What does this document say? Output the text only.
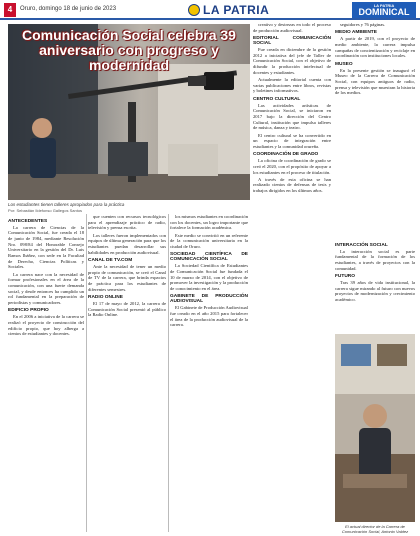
4	Oruro, domingo 18 de junio de 2023	LA PATRIA	LA PATRIA
DOMINICAL
Comunicación Social celebra 39 aniversario con progreso y modernidad
Los estudiantes tienen talleres apropiados para la práctica
Por: Sebastián Ildefonso Gallegos Santos
ANTECEDENTES

La carrera de Ciencias de la Comunicación Social, fue creada el 18 de junio de 1984, mediante Resolución Nro. 098/84 del Honorable Consejo Universitario en la gestión del Dr. Luis Ramos Ibáñez, con sede en la Facultad de Derecho, Ciencias Políticas y Sociales.

La carrera nace con la necesidad de formar profesionales en el área de la comunicación, con una fuerte demanda social, y desde entonces ha cumplido un rol fundamental en la preparación de periodistas y comunicadores.

EDIFICIO PROPIO

En el 2006 a iniciativa de la carrera se realizó el proyecto de construcción del edificio propio, que hoy alberga a cientos de estudiantes y docentes.

que cuenten con recursos tecnológicos para el aprendizaje práctico de radio, televisión y prensa escrita.

Los talleres fueron implementados con equipos de última generación para que los estudiantes puedan desarrollar sus habilidades en producción audiovisual.

CANAL DE TV.COM

Ante la necesidad de tener un medio propio de comunicación, se creó el Canal de TV de la carrera, que brinda espacios de práctica para los estudiantes de diferentes semestres.

RADIO ONLINE

El 17 de mayo de 2012, la carrera de Comunicación Social presentó al público la Radio Online.

los mismos estudiantes en coordinación con los docentes, un logro importante que fortalece la formación académica.

Este medio se convirtió en un referente de la comunicación universitaria en la ciudad de Oruro.

SOCIEDAD CIENTÍFICA DE COMUNICACIÓN SOCIAL

La Sociedad Científica de Estudiantes de Comunicación Social fue fundada el 10 de marzo de 2014, con el objetivo de promover la investigación y la producción de conocimiento en el área.

GABINETE DE PRODUCCIÓN AUDIOVISUAL

El Gabinete de Producción Audiovisual fue creado en el año 2015 para fortalecer el área de la producción audiovisual de la carrera.

creativo y destrezas en todo el proceso de producción audiovisual.

EDITORIAL COMUNICACIÓN SOCIAL

Fue creada en diciembre de la gestión 2012 a iniciativa del jefe de Taller de Comunicación Social, con el objetivo de difundir la producción intelectual de docentes y estudiantes.

Actualmente la editorial cuenta con varias publicaciones entre libros, revistas y boletines informativos.

CENTRO CULTURAL

Las actividades artísticas de Comunicación Social, se iniciaron en 2017 bajo la dirección del Centro Cultural, institución que impulsa talleres de música, danza y teatro.

El centro cultural se ha convertido en un espacio de integración entre estudiantes y la comunidad orureña.

COORDINACIÓN DE GRADO

La oficina de coordinación de grado se creó el 2020, con el propósito de apoyar a los estudiantes en el proceso de titulación.

A través de esta oficina se han realizado cientos de defensas de tesis y trabajos dirigidos en los últimos años.

seguidores y 76 páginas.

MEDIO AMBIENTE

A partir de 2019, con el proyecto de medio ambiente, la carrera impulsa campañas de concientización y reciclaje en coordinación con instituciones locales.

MUSEO

En la presente gestión se inauguró el Museo de la Carrera de Comunicación Social, con equipos antiguos de radio, prensa y televisión que muestran la historia de los medios.

INTERACCIÓN SOCIAL

La interacción social es parte fundamental de la formación de los estudiantes, a través de proyectos con la comunidad.

FUTURO

Tras 39 años de vida institucional, la carrera sigue mirando al futuro con nuevos proyectos de modernización y crecimiento académico.

El actual director de la Carrera de Comunicación Social, Antonio Valdez
